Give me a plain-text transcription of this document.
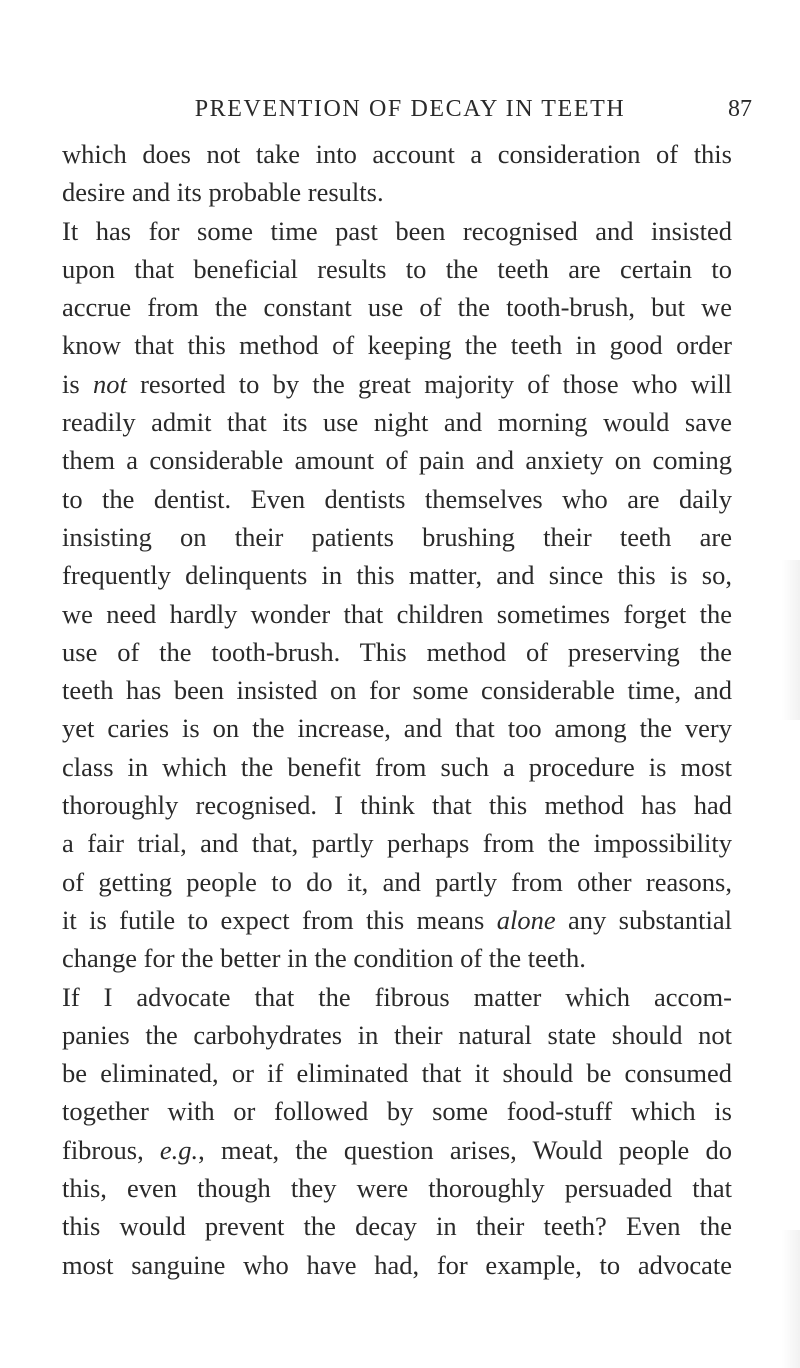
PREVENTION OF DECAY IN TEETH	87
which does not take into account a consideration of this
desire and its probable results.
It has for some time past been recognised and insisted
upon that beneficial results to the teeth are certain to
accrue from the constant use of the tooth-brush, but we
know that this method of keeping the teeth in good order
is not resorted to by the great majority of those who will
readily admit that its use night and morning would save
them a considerable amount of pain and anxiety on coming
to the dentist. Even dentists themselves who are daily
insisting on their patients brushing their teeth are
frequently delinquents in this matter, and since this is so,
we need hardly wonder that children sometimes forget the
use of the tooth-brush. This method of preserving the
teeth has been insisted on for some considerable time, and
yet caries is on the increase, and that too among the very
class in which the benefit from such a procedure is most
thoroughly recognised. I think that this method has had
a fair trial, and that, partly perhaps from the impossibility
of getting people to do it, and partly from other reasons,
it is futile to expect from this means alone any substantial
change for the better in the condition of the teeth.
If I advocate that the fibrous matter which accom-
panies the carbohydrates in their natural state should not
be eliminated, or if eliminated that it should be consumed
together with or followed by some food-stuff which is
fibrous, e.g., meat, the question arises, Would people do
this, even though they were thoroughly persuaded that
this would prevent the decay in their teeth? Even the
most sanguine who have had, for example, to advocate
